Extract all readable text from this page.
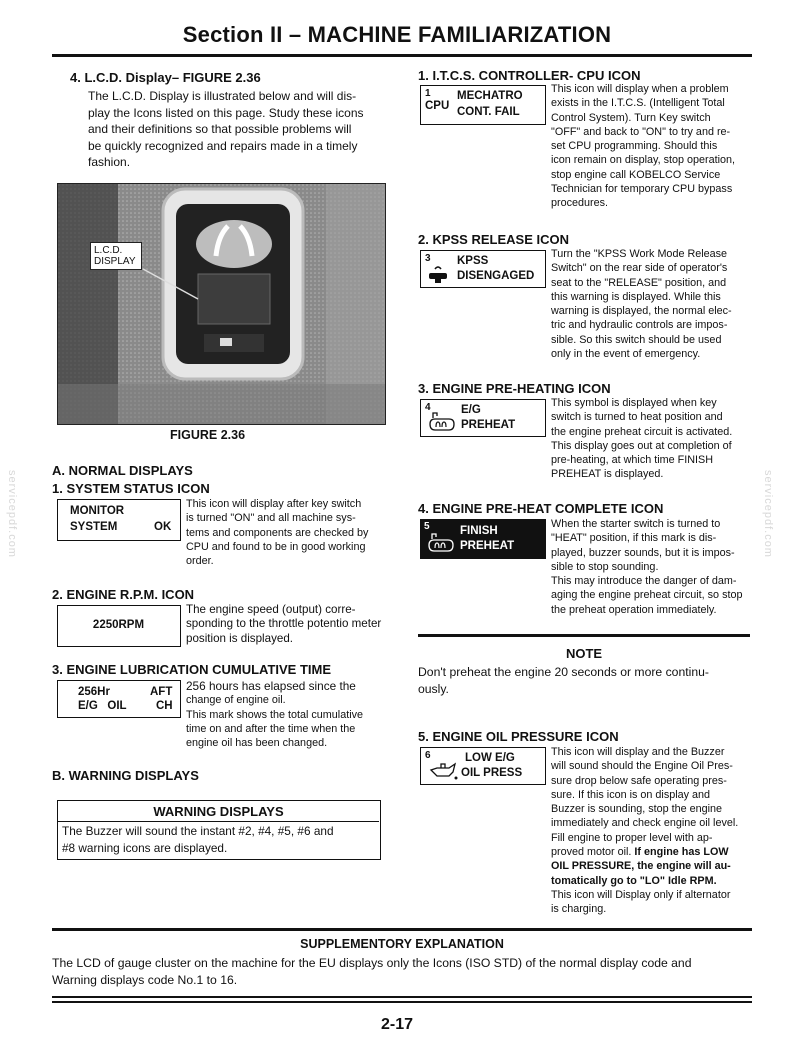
Section II – MACHINE FAMILIARIZATION
servicepdf.com	servicepdf.com
4. L.C.D. Display– FIGURE 2.36
The L.C.D. Display is illustrated below and will dis-
play the Icons listed on this page. Study these icons
and their definitions so that possible problems will
be quickly recognized and repairs made in a timely
fashion.
L.C.D.
DISPLAY
FIGURE 2.36
A. NORMAL DISPLAYS
1. SYSTEM STATUS ICON
MONITOR
SYSTEM	OK
This icon will display after key switch
is turned "ON" and all machine sys-
tems and components are checked by
CPU and found to be in good working
order.
2. ENGINE R.P.M. ICON
2250RPM
The engine speed (output) corre-
sponding to the throttle potentio meter
position is displayed.
3. ENGINE LUBRICATION CUMULATIVE TIME
256Hr	AFT
E/G   OIL	CH
256 hours has elapsed since the
change of engine oil.
This mark shows the total cumulative
time on and after the time when the
engine oil has been changed.
B. WARNING DISPLAYS
WARNING DISPLAYS
The Buzzer will sound the instant #2, #4, #5, #6 and
#8 warning icons are displayed.
1. I.T.C.S. CONTROLLER- CPU ICON
1
CPU
MECHATRO
CONT. FAIL
This icon will display when a problem
exists in the I.T.C.S. (Intelligent Total
Control System). Turn Key switch
"OFF" and back to "ON" to try and re-
set CPU programming. Should this
icon remain on display, stop operation,
stop engine call KOBELCO Service
Technician for temporary CPU bypass
procedures.
2. KPSS RELEASE ICON
3 KPSS
DISENGAGED
Turn the "KPSS Work Mode Release
Switch" on the rear side of operator's
seat to the "RELEASE" position, and
this warning is displayed. While this
warning is displayed, the normal elec-
tric and hydraulic controls are impos-
sible. So this switch should be used
only in the event of emergency.
3. ENGINE PRE-HEATING ICON
4	E/G
PREHEAT
This symbol is displayed when key
switch is turned to heat position and
the engine preheat circuit is activated.
This display goes out at completion of
pre-heating, at which time FINISH
PREHEAT is displayed.
4. ENGINE PRE-HEAT COMPLETE ICON
5	FINISH
PREHEAT
When the starter switch is turned to
"HEAT" position, if this mark is dis-
played, buzzer sounds, but it is impos-
sible to stop sounding.
This may introduce the danger of dam-
aging the engine preheat circuit, so stop
the preheat operation immediately.
NOTE
Don't preheat the engine 20 seconds or more continu-
ously.
5. ENGINE OIL PRESSURE ICON
6	LOW E/G
OIL PRESS
This icon will display and the Buzzer
will sound should the Engine Oil Pres-
sure drop below safe operating pres-
sure. If this icon is on display and
Buzzer is sounding, stop the engine
immediately and check engine oil level.
Fill engine to proper level with ap-
proved motor oil. If engine has LOW
OIL PRESSURE, the engine will au-
tomatically go to "LO" Idle RPM.
This icon will Display only if alternator
is charging.
SUPPLEMENTORY EXPLANATION
The LCD of gauge cluster on the machine for the EU displays only the Icons (ISO STD) of the normal display code and
Warning displays code No.1 to 16.
2-17
